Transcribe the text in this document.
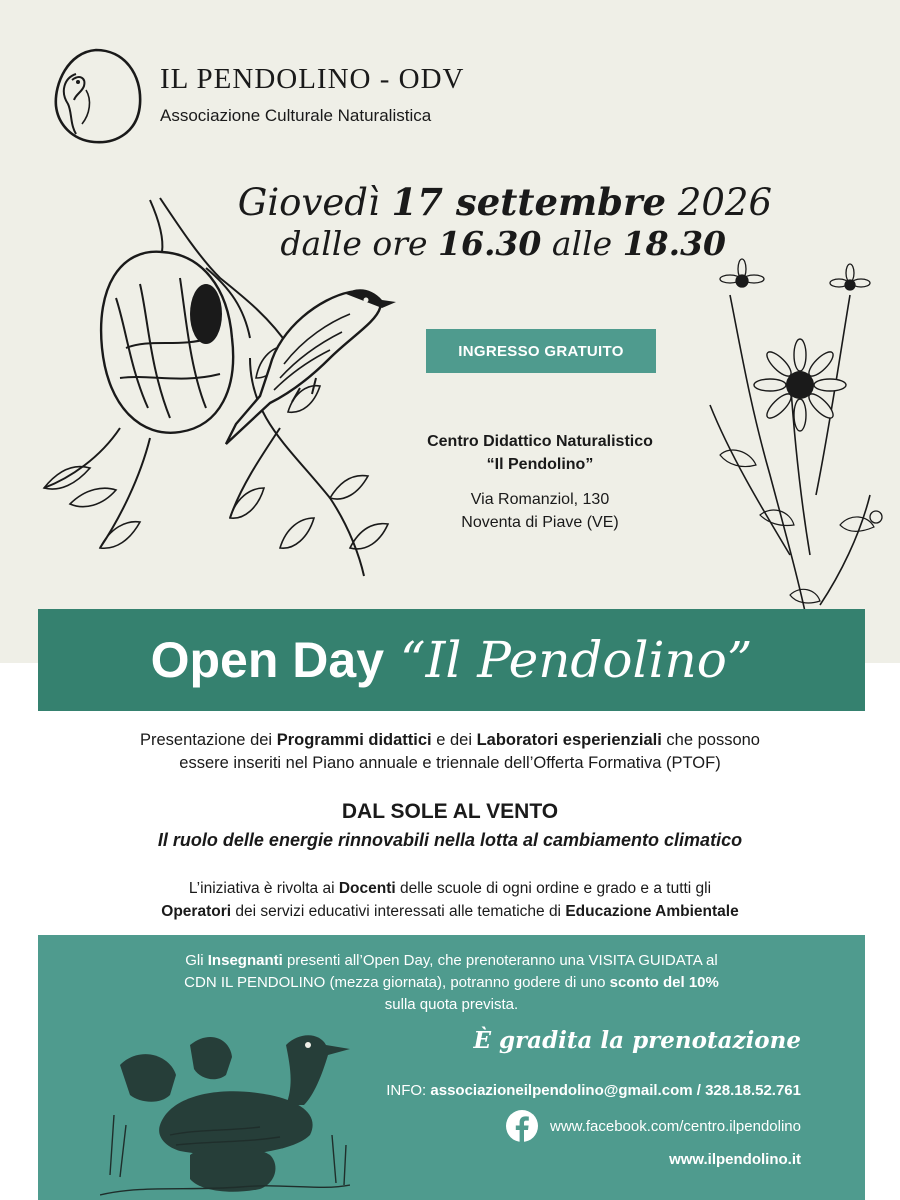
IL PENDOLINO - ODV
Associazione Culturale Naturalistica
Giovedì 17 settembre 2026
dalle ore 16.30 alle 18.30
INGRESSO GRATUITO
Centro Didattico Naturalistico
“Il Pendolino”
Via Romanziol, 130
Noventa di Piave (VE)
Open Day “Il Pendolino”
Presentazione dei Programmi didattici e dei Laboratori esperienziali che possono
essere inseriti nel Piano annuale e triennale dell’Offerta Formativa (PTOF)
DAL SOLE AL VENTO
Il ruolo delle energie rinnovabili nella lotta al cambiamento climatico
L’iniziativa è rivolta ai Docenti delle scuole di ogni ordine e grado e a tutti gli
Operatori dei servizi educativi interessati alle tematiche di Educazione Ambientale
Gli Insegnanti presenti all’Open Day, che prenoteranno una VISITA GUIDATA al
CDN IL PENDOLINO (mezza giornata), potranno godere di uno sconto del 10%
sulla quota prevista.
È gradita la prenotazione
INFO: associazioneilpendolino@gmail.com / 328.18.52.761
www.facebook.com/centro.ilpendolino
www.ilpendolino.it
